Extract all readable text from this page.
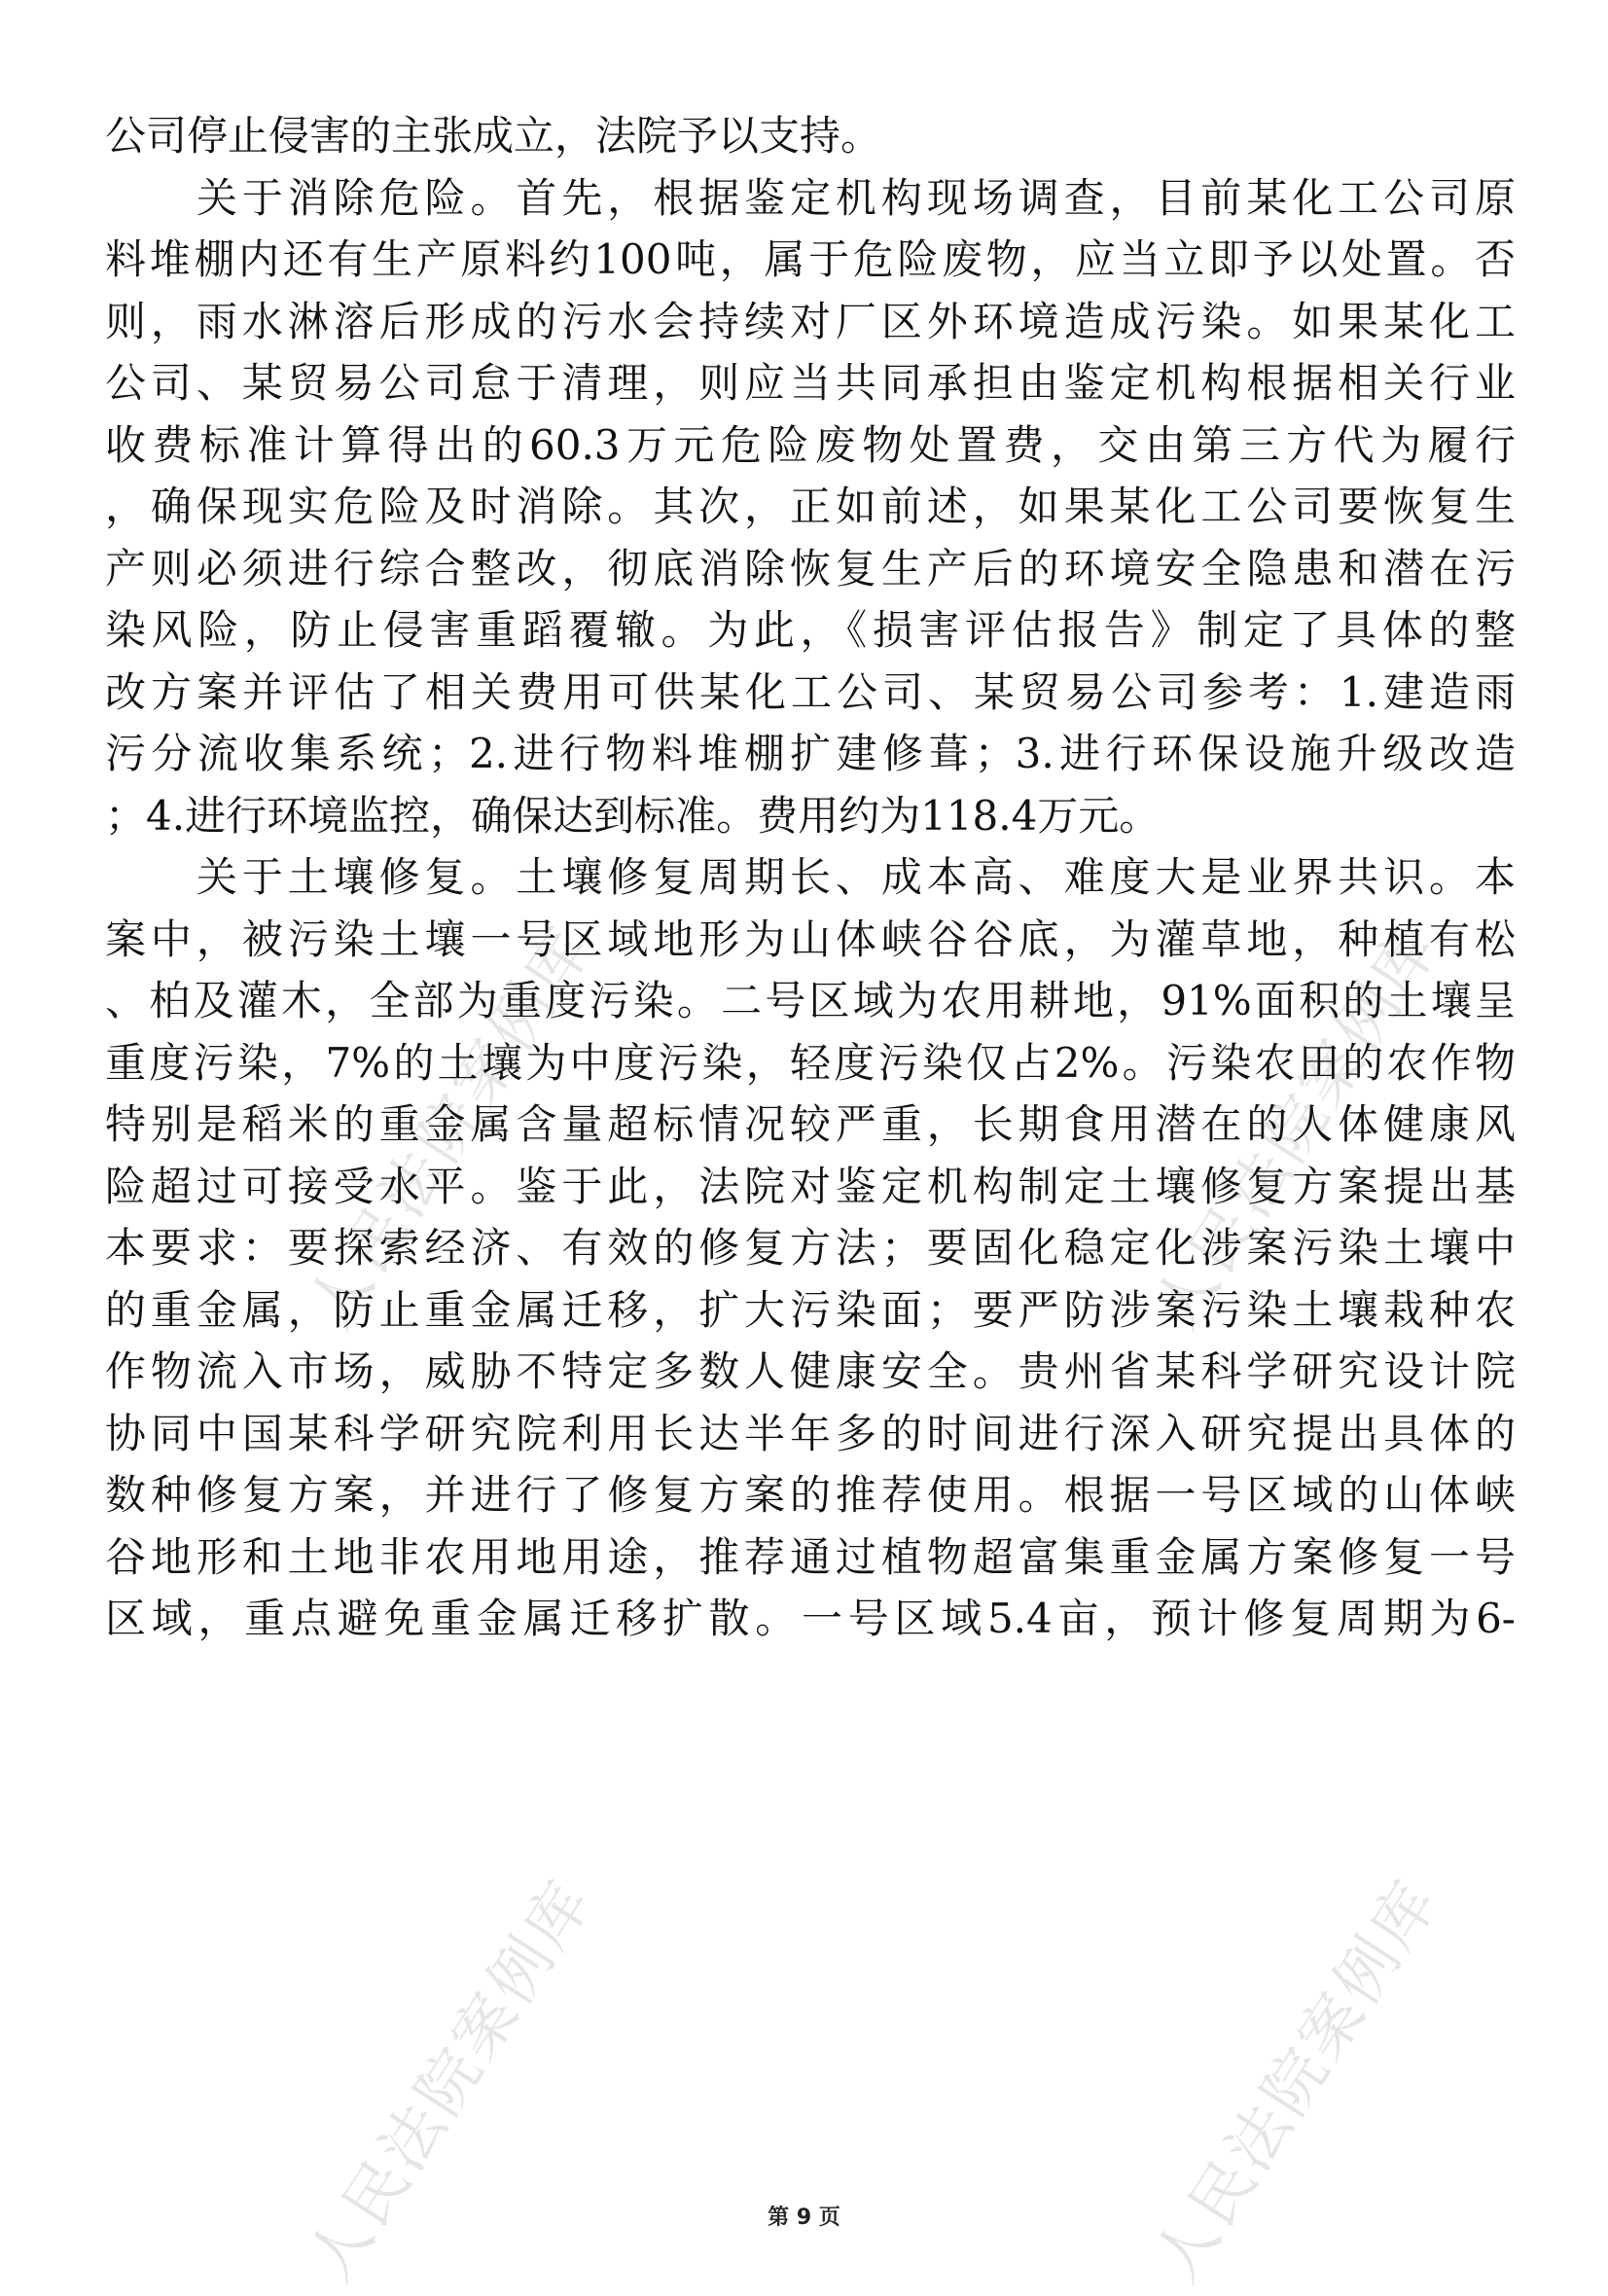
人民法院案例库	人民法院案例库
人民法院案例库	人民法院案例库
公司停止侵害的主张成立，法院予以支持。
　　关于消除危险。首先，根据鉴定机构现场调查，目前某化工公司原
料堆棚内还有生产原料约100吨，属于危险废物，应当立即予以处置。否
则，雨水淋溶后形成的污水会持续对厂区外环境造成污染。如果某化工
公司、某贸易公司怠于清理，则应当共同承担由鉴定机构根据相关行业
收费标准计算得出的60.3万元危险废物处置费，交由第三方代为履行
，确保现实危险及时消除。其次，正如前述，如果某化工公司要恢复生
产则必须进行综合整改，彻底消除恢复生产后的环境安全隐患和潜在污
染风险，防止侵害重蹈覆辙。为此，《损害评估报告》制定了具体的整
改方案并评估了相关费用可供某化工公司、某贸易公司参考：1.建造雨
污分流收集系统；2.进行物料堆棚扩建修葺；3.进行环保设施升级改造
；4.进行环境监控，确保达到标准。费用约为118.4万元。
　　关于土壤修复。土壤修复周期长、成本高、难度大是业界共识。本
案中，被污染土壤一号区域地形为山体峡谷谷底，为灌草地，种植有松
、柏及灌木，全部为重度污染。二号区域为农用耕地，91%面积的土壤呈
重度污染，7%的土壤为中度污染，轻度污染仅占2%。污染农田的农作物
特别是稻米的重金属含量超标情况较严重，长期食用潜在的人体健康风
险超过可接受水平。鉴于此，法院对鉴定机构制定土壤修复方案提出基
本要求：要探索经济、有效的修复方法；要固化稳定化涉案污染土壤中
的重金属，防止重金属迁移，扩大污染面；要严防涉案污染土壤栽种农
作物流入市场，威胁不特定多数人健康安全。贵州省某科学研究设计院
协同中国某科学研究院利用长达半年多的时间进行深入研究提出具体的
数种修复方案，并进行了修复方案的推荐使用。根据一号区域的山体峡
谷地形和土地非农用地用途，推荐通过植物超富集重金属方案修复一号
区域，重点避免重金属迁移扩散。一号区域5.4亩，预计修复周期为6-
第 9 页
